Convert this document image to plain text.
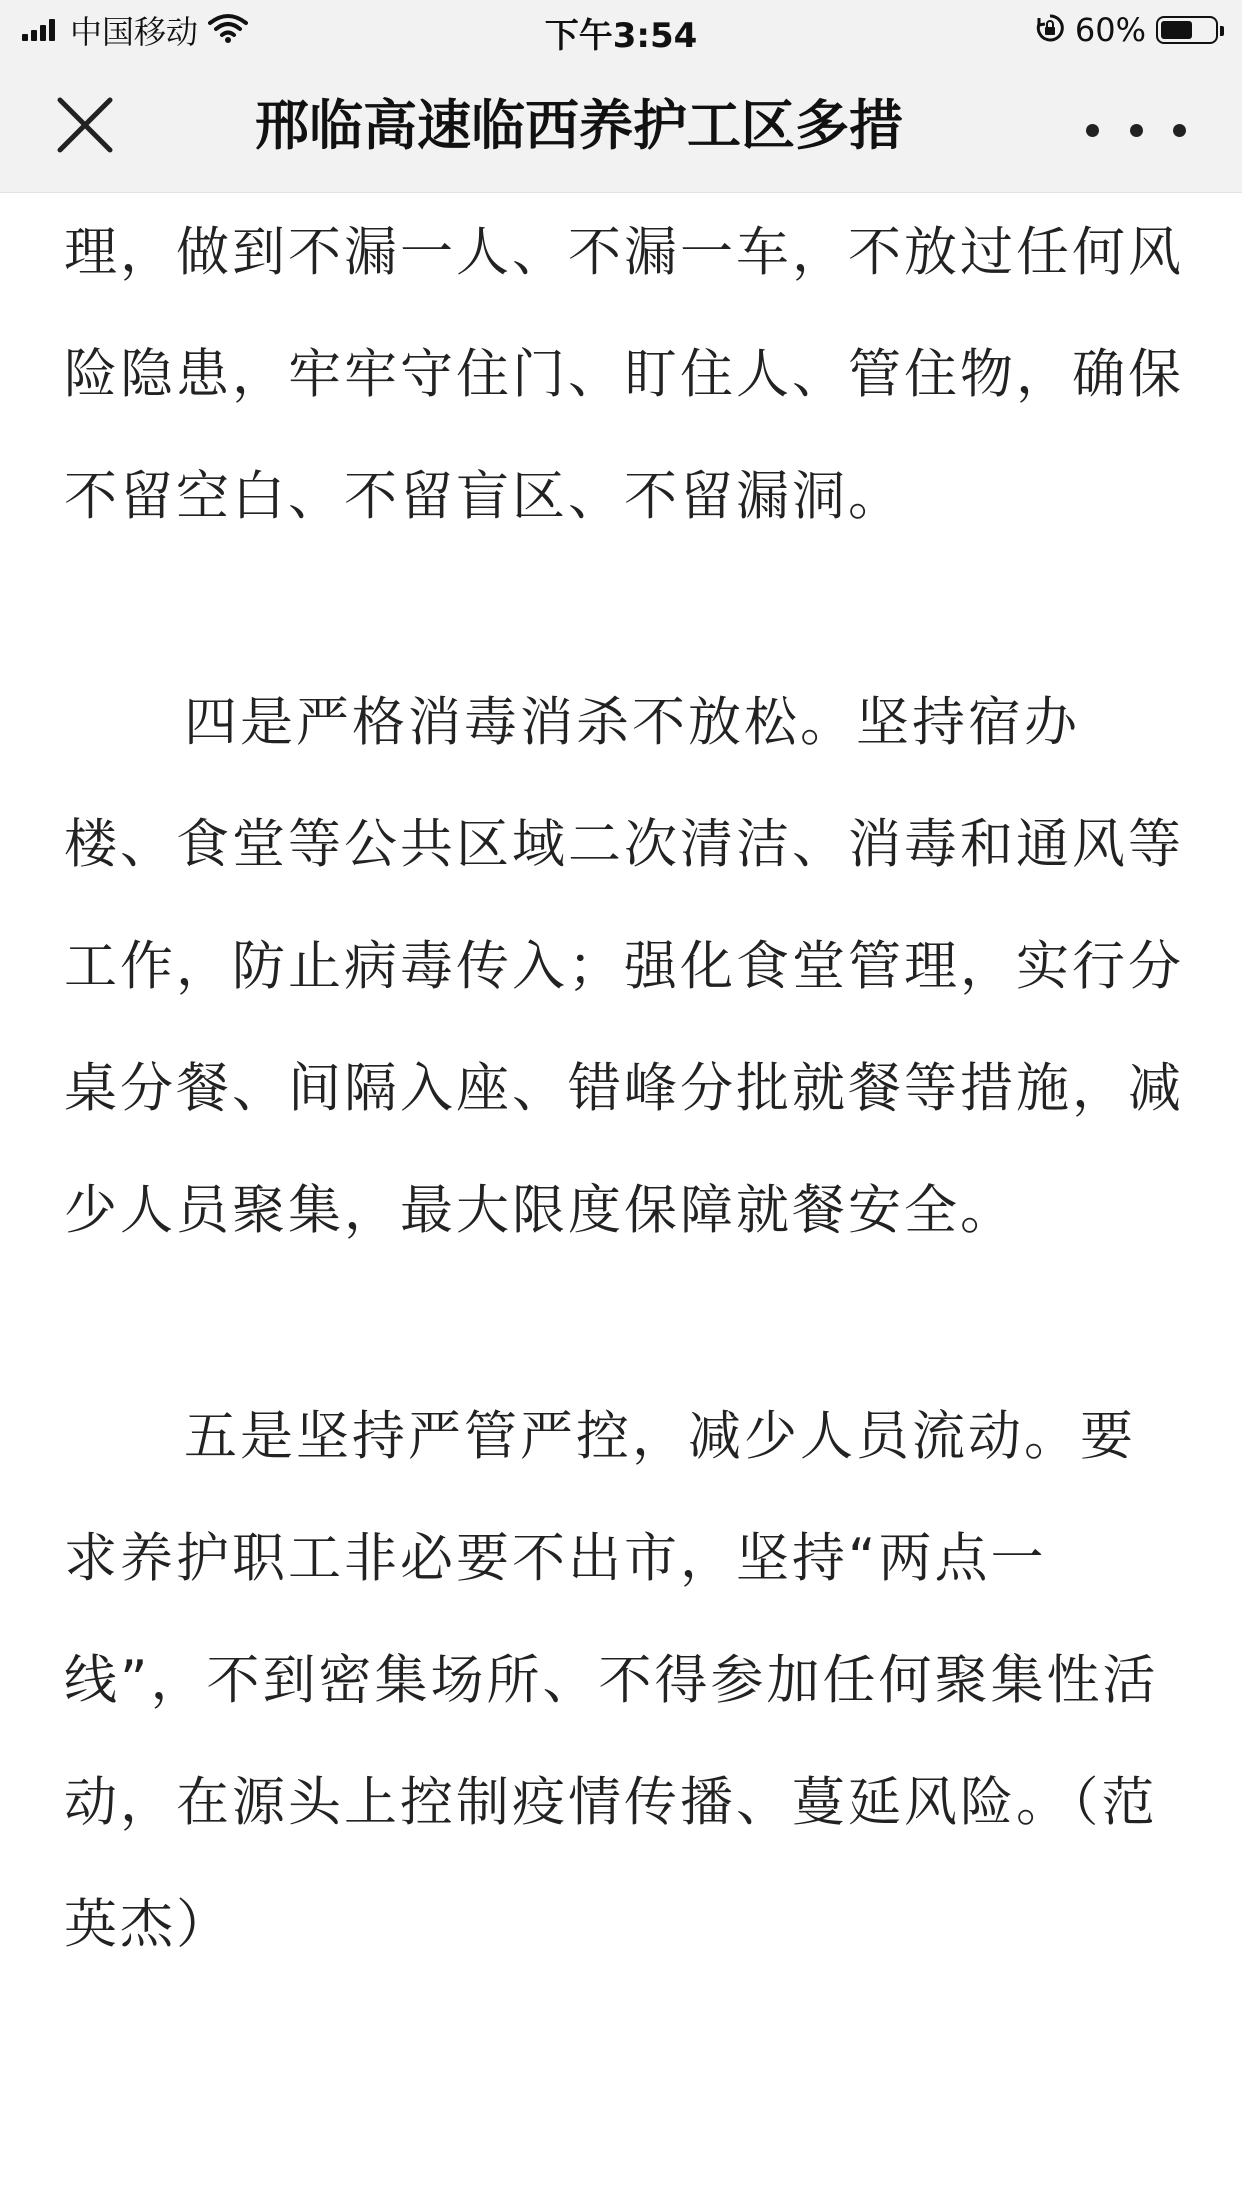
中国移动	下午3:54	60%
邢临高速临西养护工区多措

理，做到不漏一人、不漏一车，不放过任何风险隐患，牢牢守住门、盯住人、管住物，确保不留空白、不留盲区、不留漏洞。

四是严格消毒消杀不放松。坚持宿办楼、食堂等公共区域二次清洁、消毒和通风等工作，防止病毒传入；强化食堂管理，实行分桌分餐、间隔入座、错峰分批就餐等措施，减少人员聚集，最大限度保障就餐安全。

五是坚持严管严控，减少人员流动。要求养护职工非必要不出市，坚持“两点一线”，不到密集场所、不得参加任何聚集性活动，在源头上控制疫情传播、蔓延风险。（范英杰）
